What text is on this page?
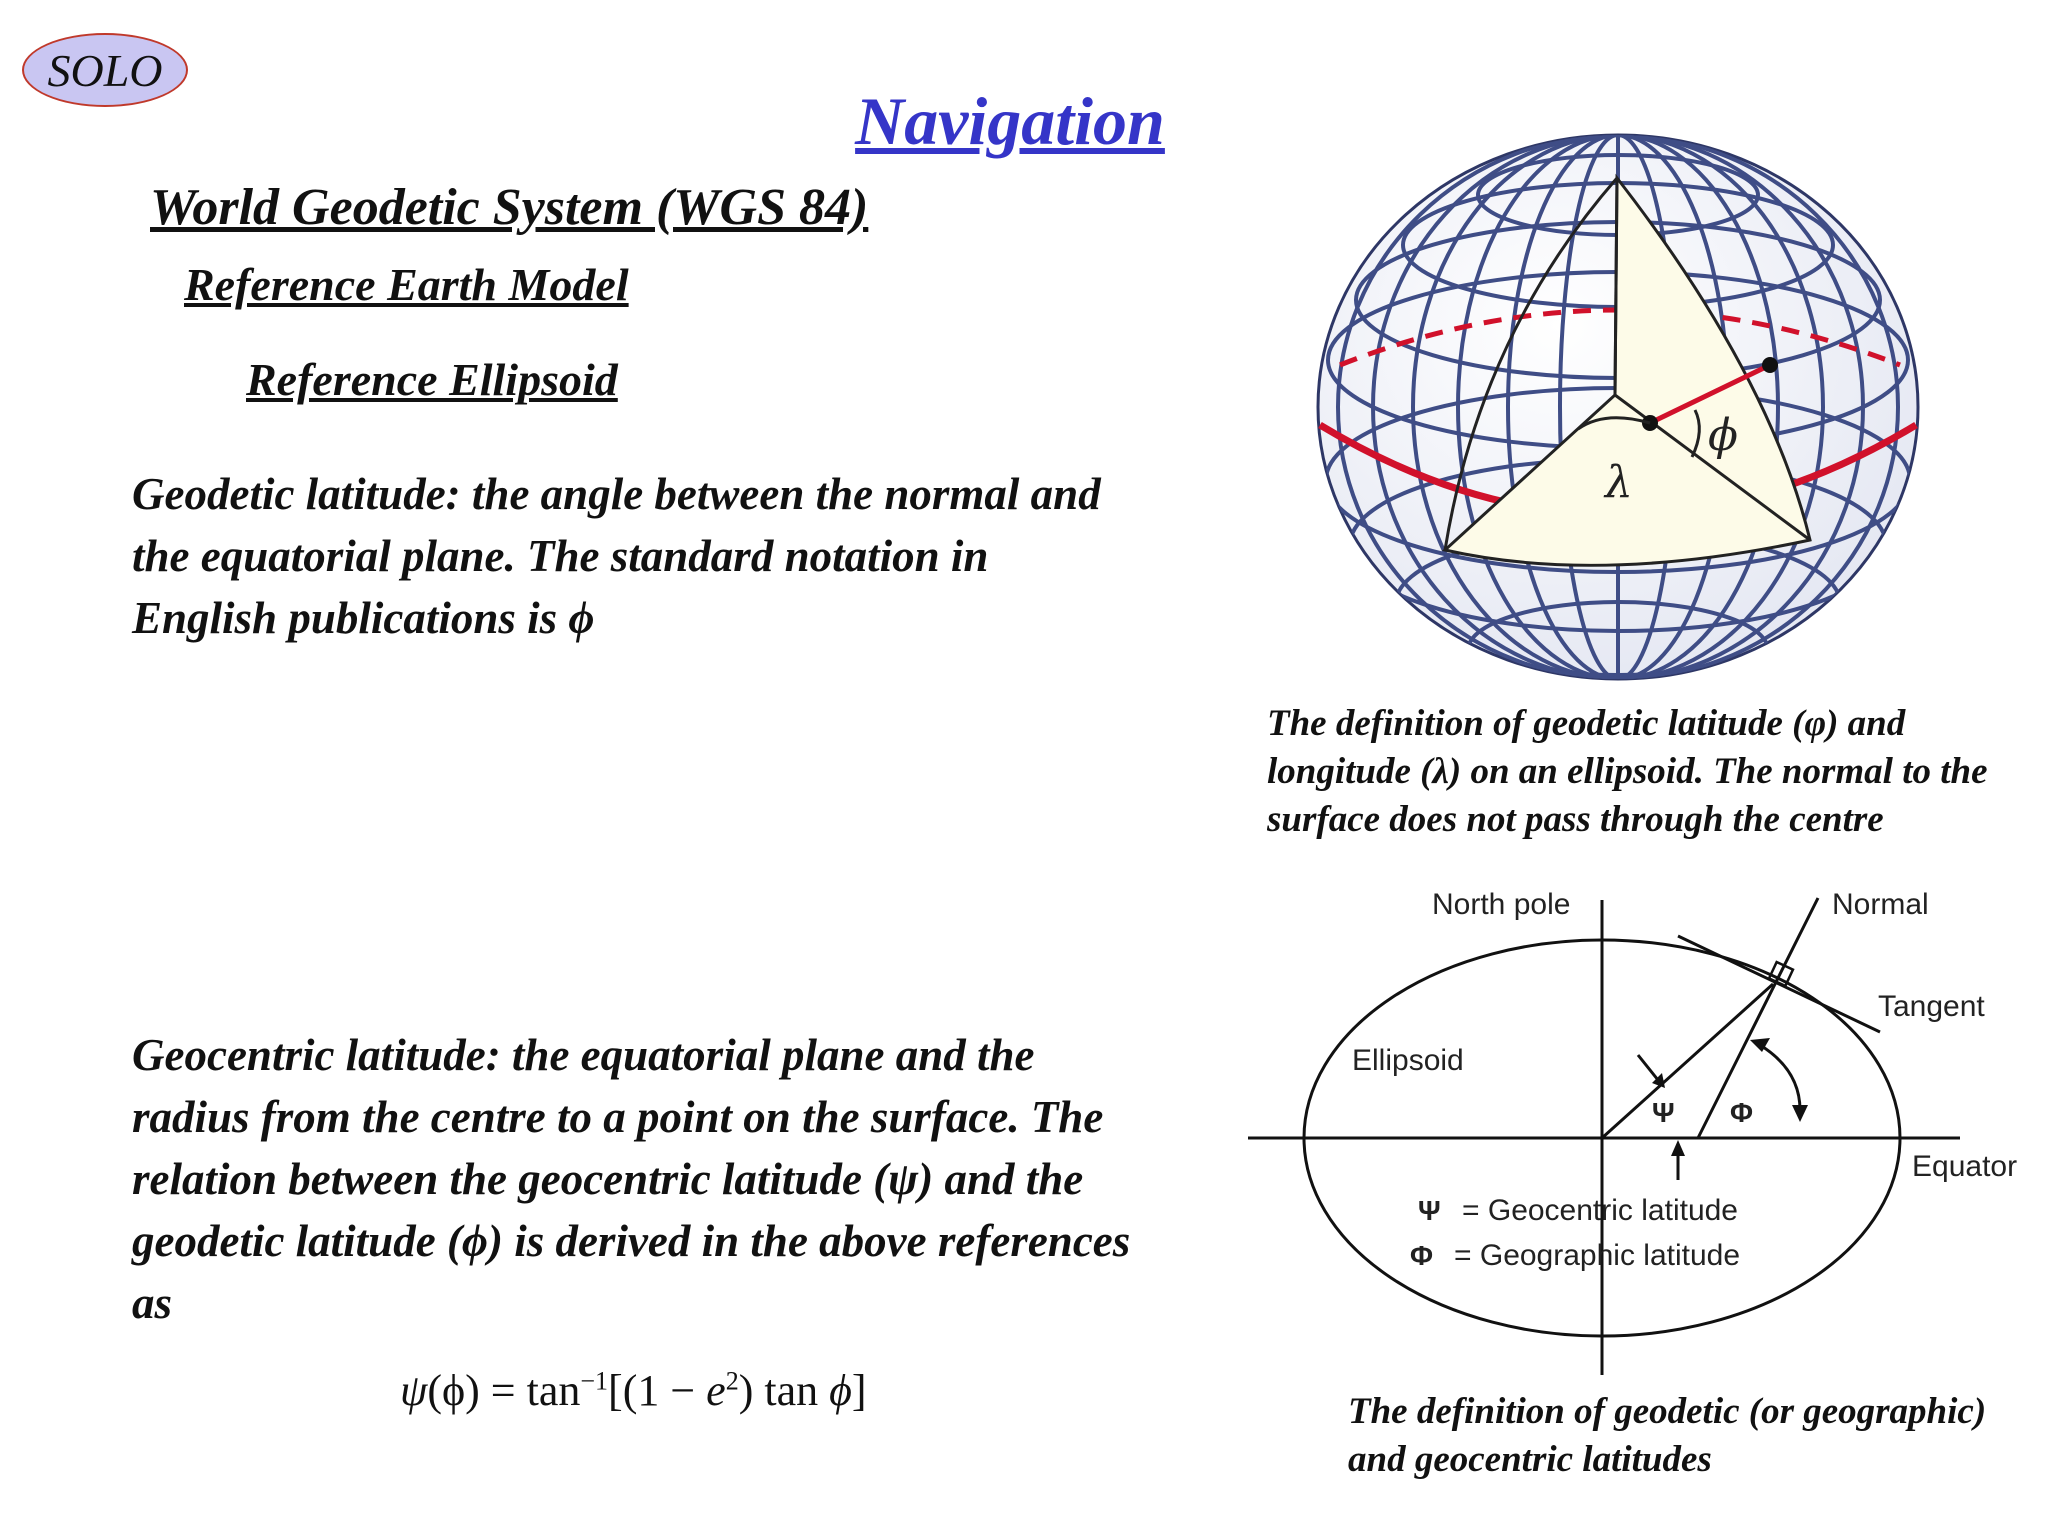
SOLO
Navigation
World Geodetic System (WGS 84)
Reference Earth Model
Reference Ellipsoid
Geodetic latitude: the angle between the normal and the equatorial plane. The standard notation in English publications is ϕ
Geocentric latitude: the equatorial plane and the radius from the centre to a point on the surface. The relation between the geocentric latitude (ψ) and the geodetic latitude (ϕ) is derived in the above references as
$\psi(\phi) = \tan^{-1}[(1 - e^2)$ tan ϕ]
λ
ϕ
The definition of geodetic latitude (φ) and longitude (λ) on an ellipsoid. The normal to the surface does not pass through the centre
North pole	Normal
Tangent
Ellipsoid
Equator
Ψ Φ
Ψ = Geocentric latitude
Φ = Geographic latitude
The definition of geodetic (or geographic) and geocentric latitudes
